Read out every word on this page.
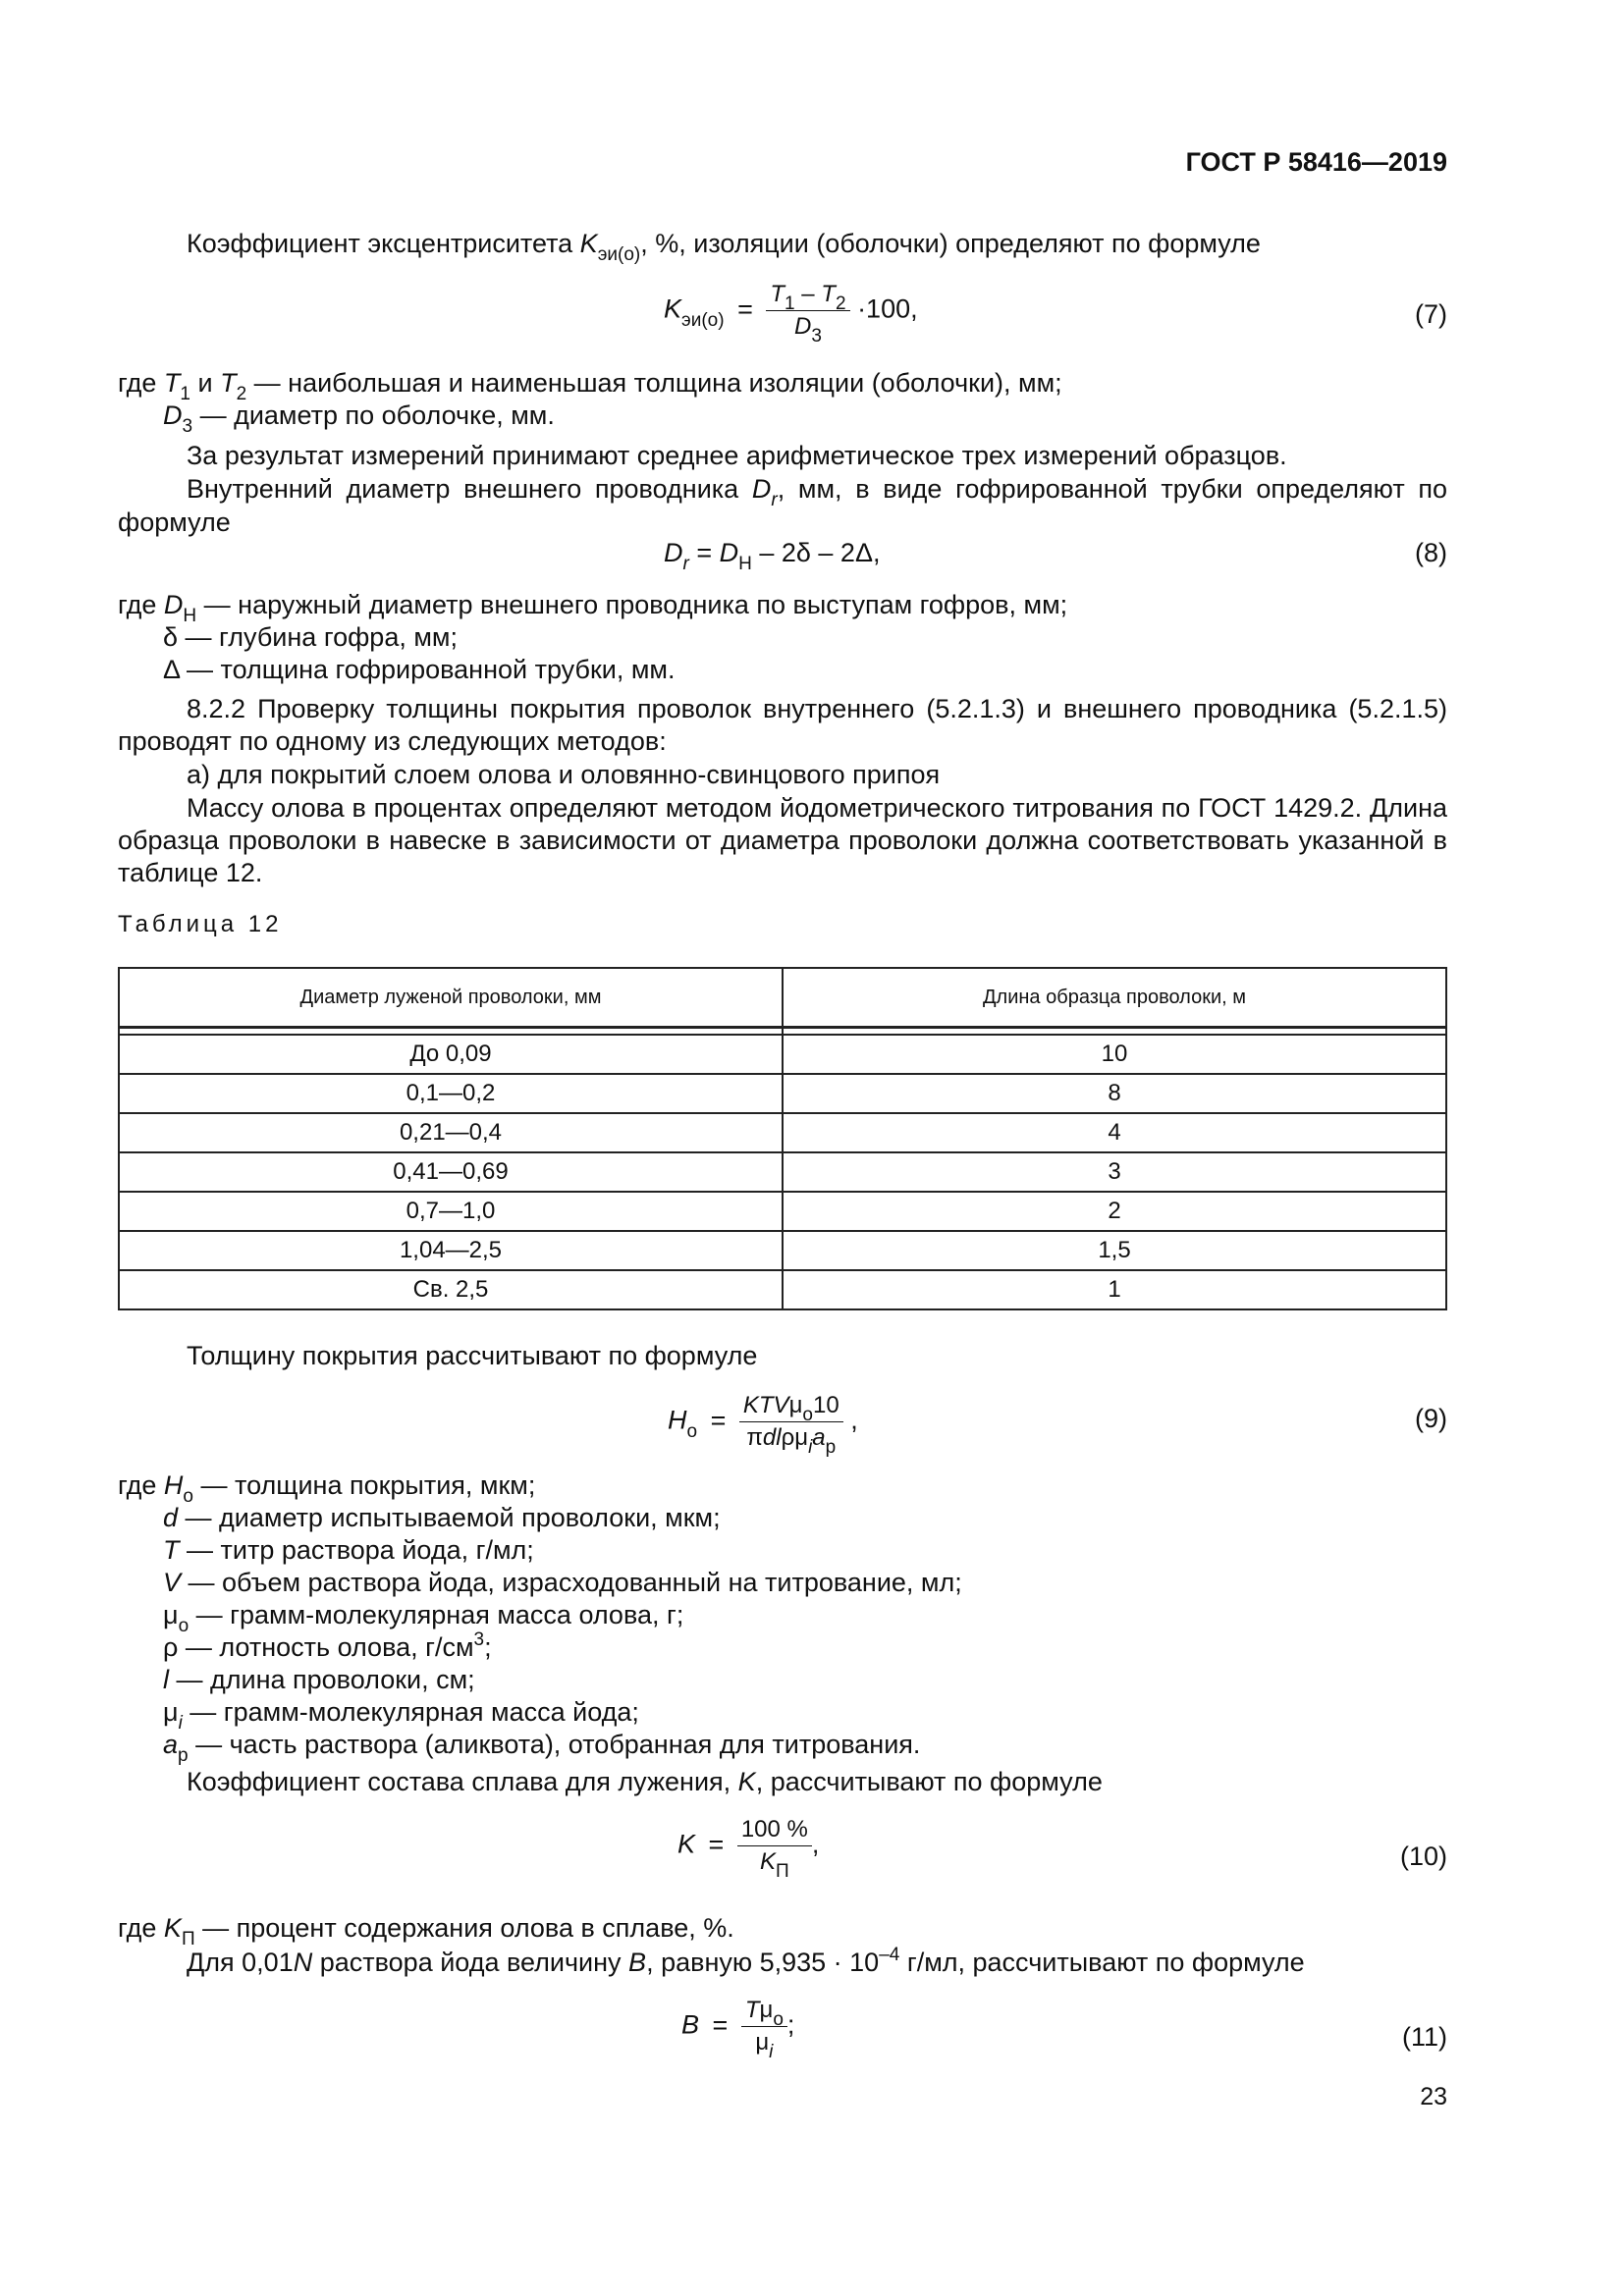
ГОСТ Р 58416—2019
Коэффициент эксцентриситета $K_{эи(о)}$, %, изоляции (оболочки) определяют по формуле
$K_{эи(о)} = \frac{T_1 - T_2}{D_3} \cdot 100$,	(7)
где $T_1$ и $T_2$ — наибольшая и наименьшая толщина изоляции (оболочки), мм;
$D_3$ — диаметр по оболочке, мм.
За результат измерений принимают среднее арифметическое трех измерений образцов.
Внутренний диаметр внешнего проводника $D_r$, мм, в виде гофрированной трубки определяют по
формуле
$D_r = D_Н - 2\delta - 2\Delta$,	(8)
где $D_Н$ — наружный диаметр внешнего проводника по выступам гофров, мм;
δ — глубина гофра, мм;
Δ — толщина гофрированной трубки, мм.
8.2.2 Проверку толщины покрытия проволок внутреннего (5.2.1.3) и внешнего проводника (5.2.1.5) проводят по одному из следующих методов:
а) для покрытий слоем олова и оловянно-свинцового припоя
Массу олова в процентах определяют методом йодометрического титрования по ГОСТ 1429.2. Длина образца проволоки в навеске в зависимости от диаметра проволоки должна соответствовать указанной в таблице 12.
Таблица 12
Диаметр луженой проволоки, мм	Длина образца проволоки, м

До 0,09	10
0,1—0,2	8
0,21—0,4	4
0,41—0,69	3
0,7—1,0	2
1,04—2,5	1,5
Св. 2,5	1
Толщину покрытия рассчитывают по формуле
$H_о = \frac{KTV\mu_о10}{\pi dl\rho\mu_ia_р}$ ,	(9)
где $H_о$ — толщина покрытия, мкм;
d — диаметр испытываемой проволоки, мкм;
T — титр раствора йода, г/мл;
V — объем раствора йода, израсходованный на титрование, мл;
$\mu_о$ — грамм-молекулярная масса олова, г;
ρ — лотность олова, $г/см^3$;
l — длина проволоки, см;
$\mu_i$ — грамм-молекулярная масса йода;
$a_р$ — часть раствора (аликвота), отобранная для титрования.
Коэффициент состава сплава для лужения, K, рассчитывают по формуле
$K = \frac{100 \%}{K_П}$ ,	(10)
где $K_П$ — процент содержания олова в сплаве, %.
Для 0,01N раствора йода величину B, равную $5,935 \cdot 10^{-4}$ г/мл, рассчитывают по формуле
$B = \frac{T\mu_о}{\mu_i}$ ;	(11)
23
